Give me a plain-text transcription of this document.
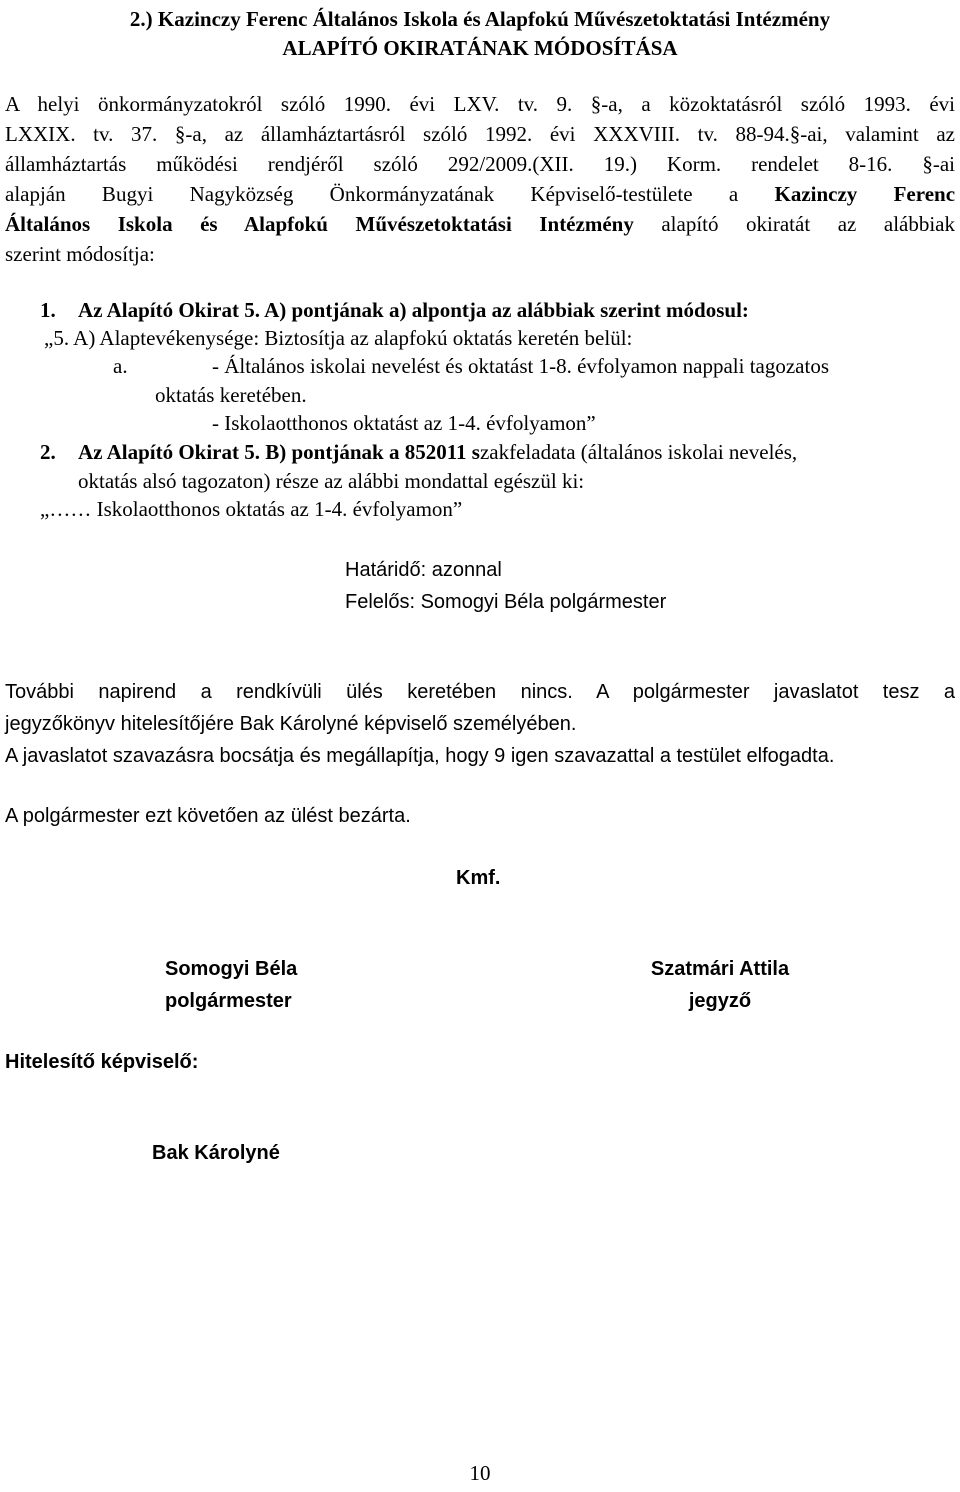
2.) Kazinczy Ferenc Általános Iskola és Alapfokú Művészetoktatási Intézmény
ALAPÍTÓ OKIRATÁNAK MÓDOSÍTÁSA
A helyi önkormányzatokról szóló 1990. évi LXV. tv. 9. §-a, a közoktatásról szóló 1993. évi
LXXIX. tv. 37. §-a, az államháztartásról szóló 1992. évi XXXVIII. tv. 88-94.§-ai, valamint az
államháztartás működési rendjéről szóló 292/2009.(XII. 19.) Korm. rendelet 8-16. §-ai
alapján Bugyi Nagyközség Önkormányzatának Képviselő-testülete a Kazinczy Ferenc
Általános Iskola és Alapfokú Művészetoktatási Intézmény alapító okiratát az alábbiak
szerint módosítja:
1. Az Alapító Okirat 5. A) pontjának a) alpontja az alábbiak szerint módosul:
„5. A) Alaptevékenysége: Biztosítja az alapfokú oktatás keretén belül:
a.	- Általános iskolai nevelést és oktatást 1-8. évfolyamon nappali tagozatos
oktatás keretében.
- Iskolaotthonos oktatást az 1-4. évfolyamon”
2. Az Alapító Okirat 5. B) pontjának a 852011 szakfeladata (általános iskolai nevelés,
oktatás alsó tagozaton) része az alábbi mondattal egészül ki:
„…… Iskolaotthonos oktatás az 1-4. évfolyamon”
Határidő: azonnal
Felelős: Somogyi Béla polgármester
További napirend a rendkívüli ülés keretében nincs. A polgármester javaslatot tesz a
jegyzőkönyv hitelesítőjére Bak Károlyné képviselő személyében.
A javaslatot szavazásra bocsátja és megállapítja, hogy 9 igen szavazattal a testület elfogadta.
A polgármester ezt követően az ülést bezárta.
Kmf.
Somogyi Béla
polgármester
Szatmári Attila
jegyző
Hitelesítő képviselő:
Bak Károlyné
10
